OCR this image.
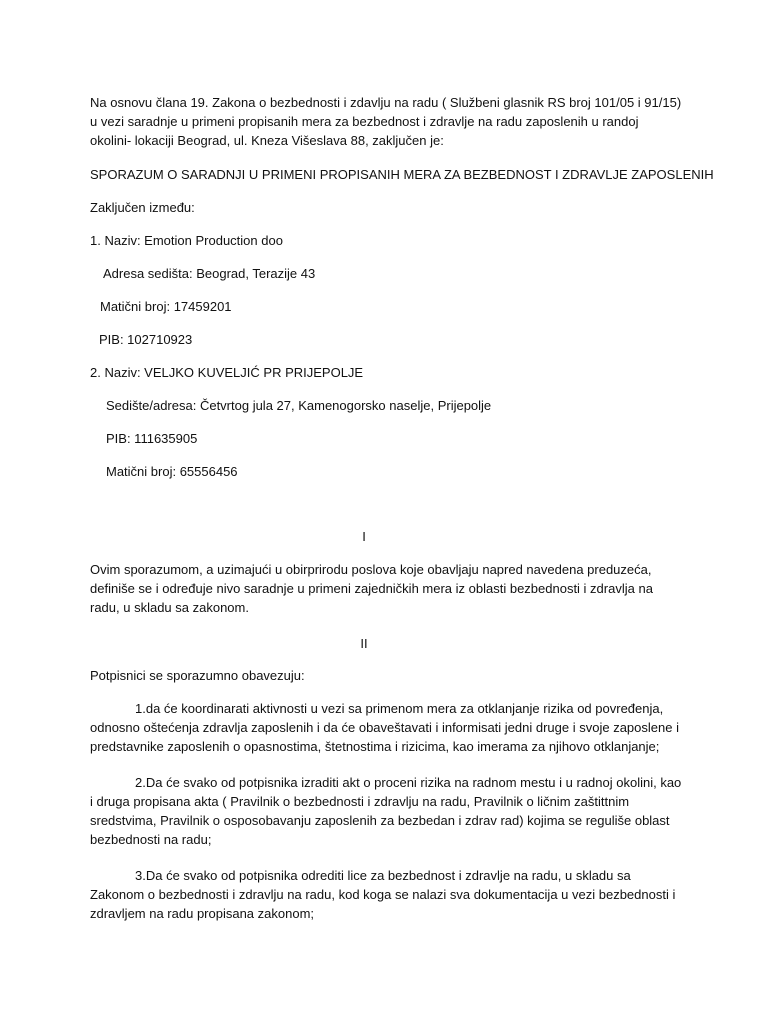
Na osnovu člana 19. Zakona o bezbednosti i zdavlju na radu ( Službeni glasnik RS broj 101/05 i 91/15) u vezi saradnje u primeni propisanih mera za bezbednost i zdravlje na radu zaposlenih u randoj okolini- lokaciji Beograd, ul. Kneza Višeslava 88, zaključen je:

SPORAZUM O SARADNJI U PRIMENI PROPISANIH MERA ZA BEZBEDNOST I ZDRAVLJE ZAPOSLENIH

Zaključen između:

1. Naziv: Emotion Production doo

Adresa sedišta: Beograd, Terazije 43

Matični broj: 17459201

PIB: 102710923

2. Naziv: VELJKO KUVELJIĆ PR PRIJEPOLJE

Sedište/adresa: Četvrtog jula 27, Kamenogorsko naselje, Prijepolje

PIB: 111635905

Matični broj: 65556456

I

Ovim sporazumom, a uzimajući u obirprirodu poslova koje obavljaju napred navedena preduzeća, definiše se i određuje nivo saradnje u primeni zajedničkih mera iz oblasti bezbednosti i zdravlja na radu, u skladu sa zakonom.

II

Potpisnici se sporazumno obavezuju:

1.da će koordinarati aktivnosti u vezi sa primenom mera za otklanjanje rizika od povređenja, odnosno oštećenja zdravlja zaposlenih i da će obaveštavati i informisati jedni druge i svoje zaposlene i predstavnike zaposlenih o opasnostima, štetnostima i rizicima, kao imerama za njihovo otklanjanje;

2.Da će svako od potpisnika izraditi akt o proceni rizika na radnom mestu i u radnoj okolini, kao i druga propisana akta ( Pravilnik o bezbednosti i zdravlju na radu, Pravilnik o ličnim zaštittnim sredstvima, Pravilnik o osposobavanju zaposlenih za bezbedan i zdrav rad) kojima se reguliše oblast bezbednosti na radu;

3.Da će svako od potpisnika odrediti lice za bezbednost i zdravlje na radu, u skladu sa Zakonom o bezbednosti i zdravlju na radu, kod koga se nalazi sva dokumentacija u vezi bezbednosti i zdravljem na radu propisana zakonom;
